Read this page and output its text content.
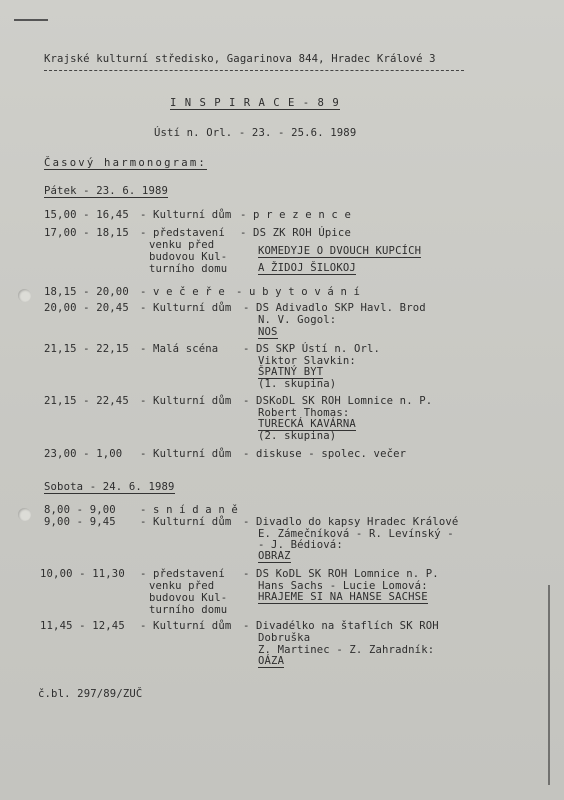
Krajské kulturní středisko, Gagarinova 844, Hradec Králové 3
I N S P I R A C E - 8 9
Ústí n. Orl. - 23. - 25.6. 1989
Časový harmonogram:
Pátek - 23. 6. 1989
15,00 - 16,45 - Kulturní dům - p r e z e n c e
17,00 - 18,15 - představení - DS ZK ROH Úpice
venku před
budovou Kul-
turního domu
KOMEDYJE O DVOUCH KUPCÍCH
A ŽIDOJ ŠILOKOJ
18,15 - 20,00 - v e č e ř e - u b y t o v á n í
20,00 - 20,45 - Kulturní dům - DS Adivadlo SKP Havl. Brod
N. V. Gogol:
NOS
21,15 - 22,15 - Malá scéna - DS SKP Ústí n. Orl.
Viktor Slavkin:
ŠPATNÝ BYT
(1. skupina)
21,15 - 22,45 - Kulturní dům - DSKoDL SK ROH Lomnice n. P.
Robert Thomas:
TURECKÁ KAVÁRNA
(2. skupina)
23,00 - 1,00 - Kulturní dům - diskuse - spolec. večer
Sobota - 24. 6. 1989
8,00 - 9,00 - s n í d a n ě
9,00 - 9,45 - Kulturní dům - Divadlo do kapsy Hradec Králové
E. Zámečníková - R. Levínský -
- J. Bédiová:
OBRAZ
10,00 - 11,30 - představení - DS KoDL SK ROH Lomnice n. P.
venku před
budovou Kul-
turního domu
Hans Sachs - Lucie Lomová:
HRAJEME SI NA HANSE SACHSE
11,45 - 12,45 - Kulturní dům - Divadélko na štaflích SK ROH
Dobruška
Z. Martinec - Z. Zahradník:
OÁZA
č.bl. 297/89/ZUČ
